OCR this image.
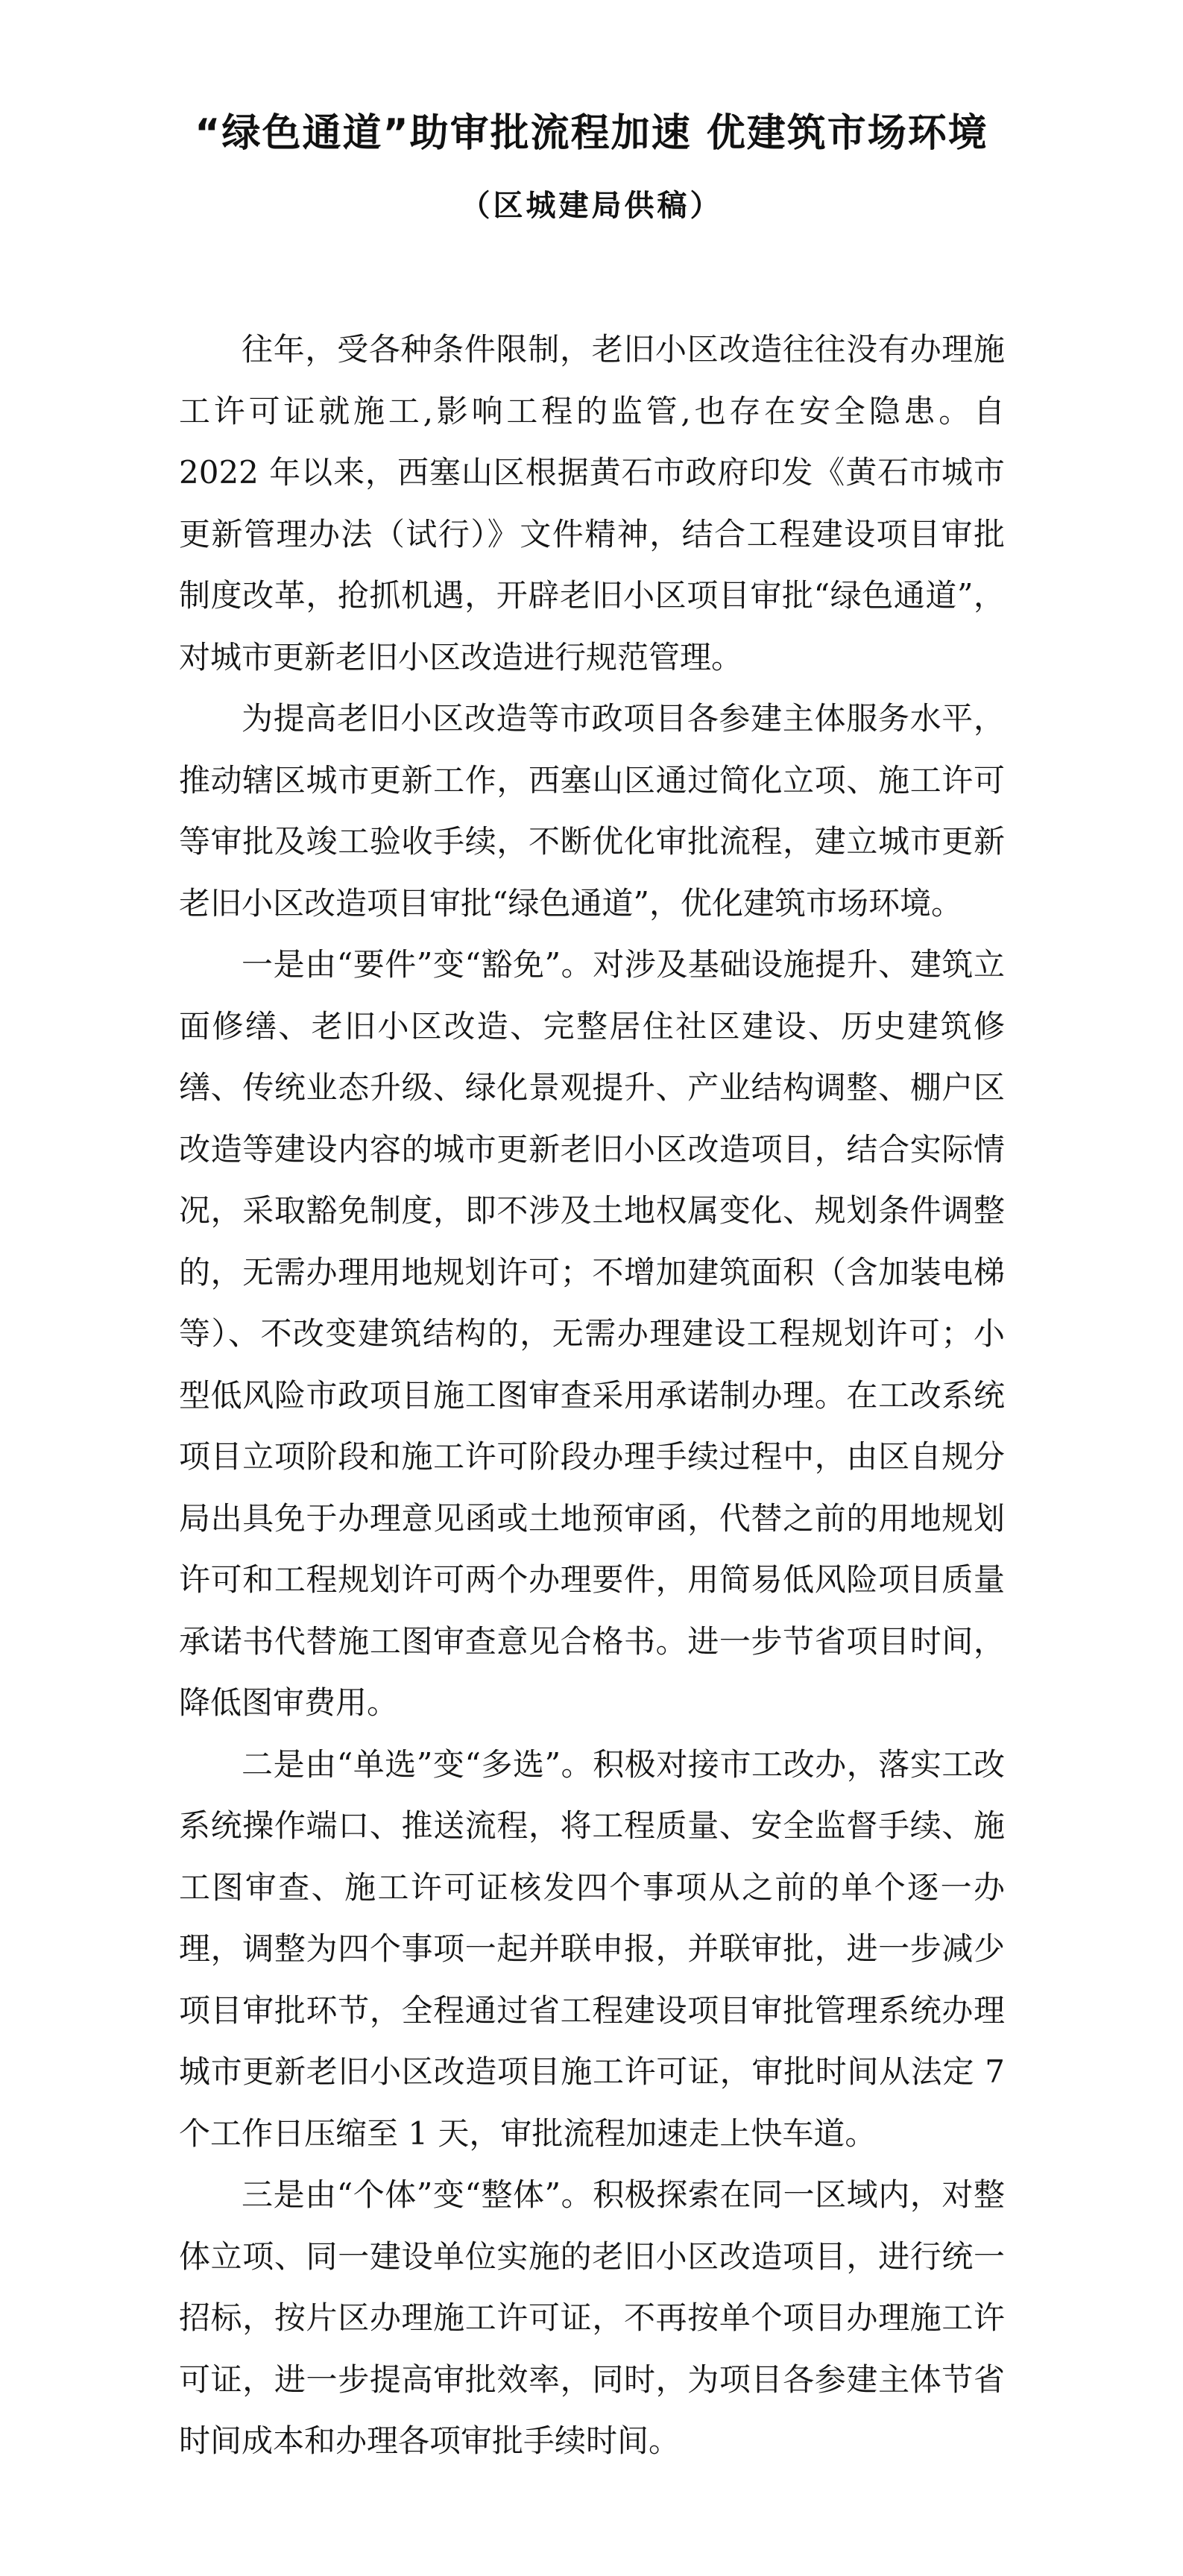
“绿色通道”助审批流程加速 优建筑市场环境
（区城建局供稿）

往年，受各种条件限制，老旧小区改造往往没有办理施工许可证就施工,影响工程的监管,也存在安全隐患。自 2022 年以来，西塞山区根据黄石市政府印发《黄石市城市更新管理办法（试行）》文件精神，结合工程建设项目审批制度改革，抢抓机遇，开辟老旧小区项目审批“绿色通道”，对城市更新老旧小区改造进行规范管理。

为提高老旧小区改造等市政项目各参建主体服务水平，推动辖区城市更新工作，西塞山区通过简化立项、施工许可等审批及竣工验收手续，不断优化审批流程，建立城市更新老旧小区改造项目审批“绿色通道”，优化建筑市场环境。

一是由“要件”变“豁免”。对涉及基础设施提升、建筑立面修缮、老旧小区改造、完整居住社区建设、历史建筑修缮、传统业态升级、绿化景观提升、产业结构调整、棚户区改造等建设内容的城市更新老旧小区改造项目，结合实际情况，采取豁免制度，即不涉及土地权属变化、规划条件调整的，无需办理用地规划许可；不增加建筑面积（含加装电梯等）、不改变建筑结构的，无需办理建设工程规划许可；小型低风险市政项目施工图审查采用承诺制办理。在工改系统项目立项阶段和施工许可阶段办理手续过程中，由区自规分局出具免于办理意见函或土地预审函，代替之前的用地规划许可和工程规划许可两个办理要件，用简易低风险项目质量承诺书代替施工图审查意见合格书。进一步节省项目时间，降低图审费用。

二是由“单选”变“多选”。积极对接市工改办，落实工改系统操作端口、推送流程，将工程质量、安全监督手续、施工图审查、施工许可证核发四个事项从之前的单个逐一办理，调整为四个事项一起并联申报，并联审批，进一步减少项目审批环节，全程通过省工程建设项目审批管理系统办理城市更新老旧小区改造项目施工许可证，审批时间从法定 7 个工作日压缩至 1 天，审批流程加速走上快车道。

三是由“个体”变“整体”。积极探索在同一区域内，对整体立项、同一建设单位实施的老旧小区改造项目，进行统一招标，按片区办理施工许可证，不再按单个项目办理施工许可证，进一步提高审批效率，同时，为项目各参建主体节省时间成本和办理各项审批手续时间。
